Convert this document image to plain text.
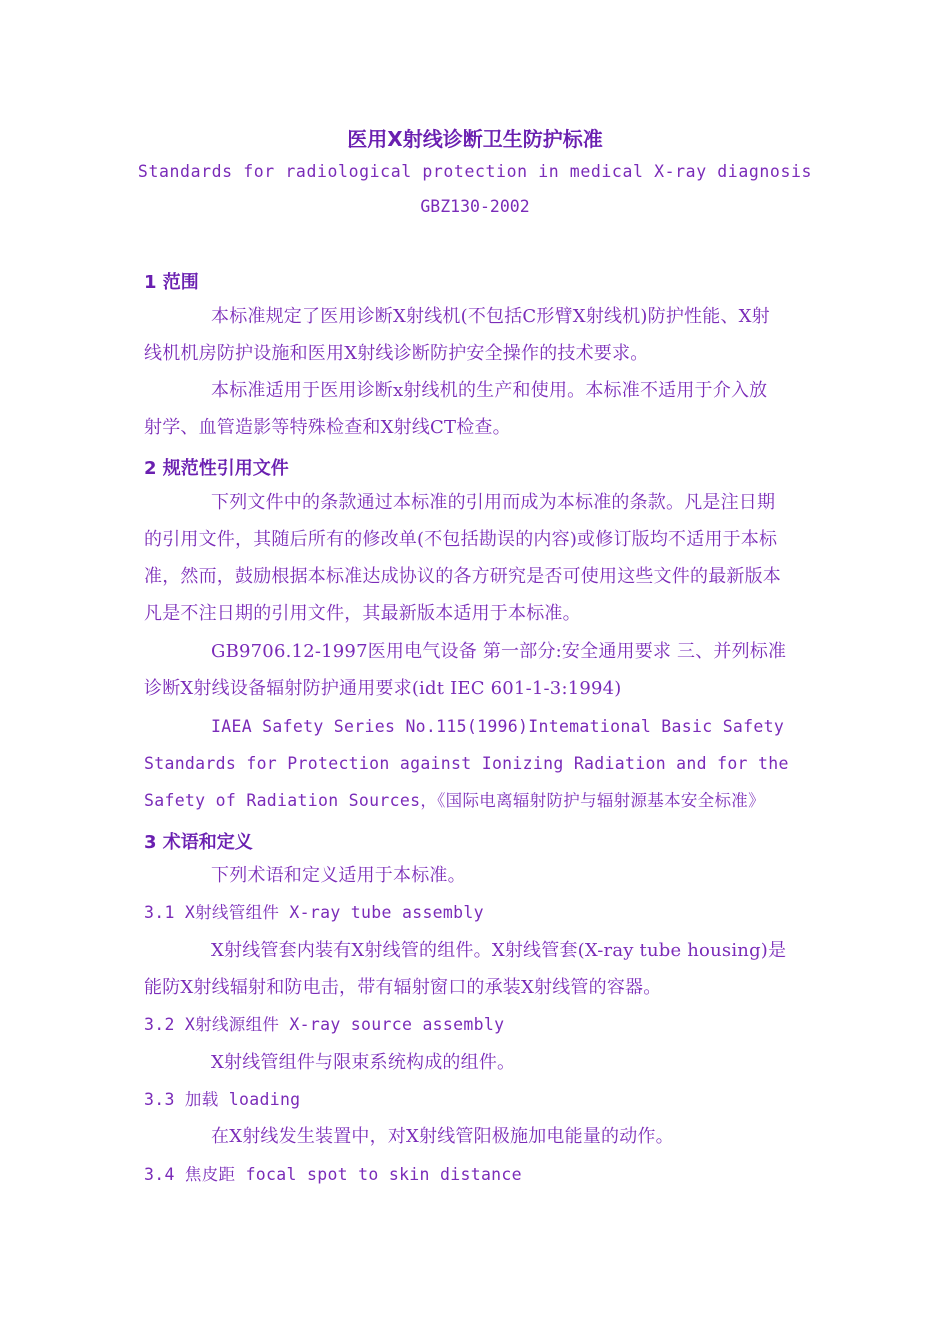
医用X射线诊断卫生防护标准
Standards for radiological protection in medical X-ray diagnosis
GBZ130-2002
1 范围
本标准规定了医用诊断X射线机(不包括C形臂X射线机)防护性能、X射
线机机房防护设施和医用X射线诊断防护安全操作的技术要求。
本标准适用于医用诊断x射线机的生产和使用。本标准不适用于介入放
射学、血管造影等特殊检查和X射线CT检查。
2 规范性引用文件
下列文件中的条款通过本标准的引用而成为本标准的条款。凡是注日期
的引用文件，其随后所有的修改单(不包括勘误的内容)或修订版均不适用于本标
准，然而，鼓励根据本标准达成协议的各方研究是否可使用这些文件的最新版本
凡是不注日期的引用文件，其最新版本适用于本标准。
GB9706.12-1997医用电气设备 第一部分:安全通用要求 三、并列标准
诊断X射线设备辐射防护通用要求(idt IEC 601-1-3:1994)
IAEA Safety Series No.115(1996)Intemational Basic Safety
Standards for Protection against Ionizing Radiation and for the
Safety of Radiation Sources，《国际电离辐射防护与辐射源基本安全标准》
3 术语和定义
下列术语和定义适用于本标准。
3.1 X射线管组件 X-ray tube assembly
X射线管套内装有X射线管的组件。X射线管套(X-ray tube housing)是
能防X射线辐射和防电击，带有辐射窗口的承装X射线管的容器。
3.2 X射线源组件 X-ray source assembly
X射线管组件与限束系统构成的组件。
3.3 加载 loading
在X射线发生装置中，对X射线管阳极施加电能量的动作。
3.4 焦皮距 focal spot to skin distance
